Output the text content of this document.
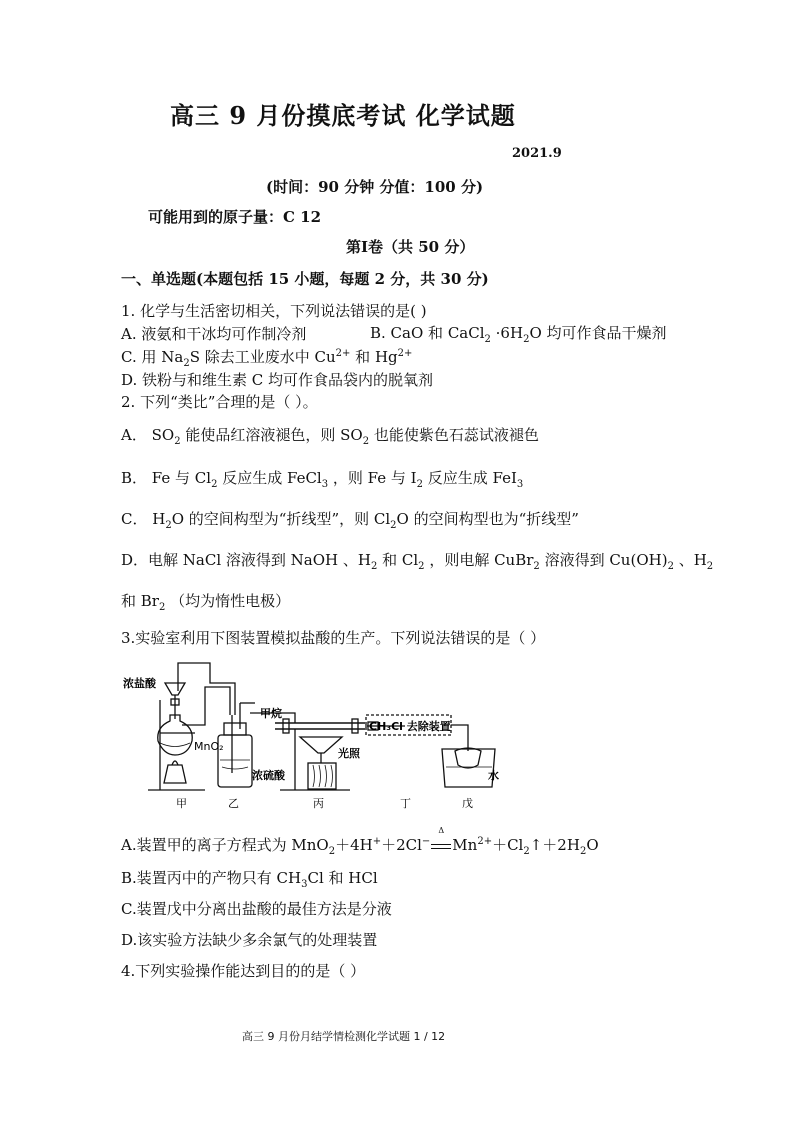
高三 9 月份摸底考试 化学试题
2021.9
(时间：90 分钟 分值：100 分)
可能用到的原子量：C 12
第Ⅰ卷（共 50 分）
一、单选题(本题包括 15 小题，每题 2 分，共 30 分)
1. 化学与生活密切相关，下列说法错误的是( )
A. 液氨和干冰均可作制冷剂	B. CaO 和 CaCl$_2$ $\cdot 6H_2O$ 均可作食品干燥剂
C. 用 $Na_2S$ 除去工业废水中 $Cu^{2+}$ 和 $Hg^{2+}$
D. 铁粉与和维生素 C 均可作食品袋内的脱氧剂
2. 下列“类比”合理的是（ ）。
A． $SO_2$ 能使品红溶液褪色，则 $SO_2$ 也能使紫色石蕊试液褪色
B． Fe 与 $Cl_2$ 反应生成 FeCl$_3$ ，则 Fe 与 $I_2$ 反应生成 FeI$_3$
C． $H_2O$ 的空间构型为“折线型”，则 $Cl_2O$ 的空间构型也为“折线型”
D．电解 NaCl 溶液得到 NaOH 、$H_2$ 和 $Cl_2$ ，则电解 CuBr$_2$ 溶液得到 $Cu(OH)_2$ 、$H_2$
和 $Br_2$ （均为惰性电极）
3.实验室利用下图装置模拟盐酸的生产。下列说法错误的是（ ）
浓盐酸
MnO₂
甲烷
浓硫酸
光照
CH₃Cl 去除装置
水
甲	乙	丙	丁	戊
A.装置甲的离子方程式为 MnO$_2$＋4H+＋2Cl−
Δ
$Mn^{2+}+Cl_2↑+2H_2O$
B.装置丙中的产物只有 $CH_3Cl$ 和 HCl
C.装置戊中分离出盐酸的最佳方法是分液
D.该实验方法缺少多余氯气的处理装置
4.下列实验操作能达到目的的是（ ）
高三 9 月份月结学情检测化学试题 1 / 12
